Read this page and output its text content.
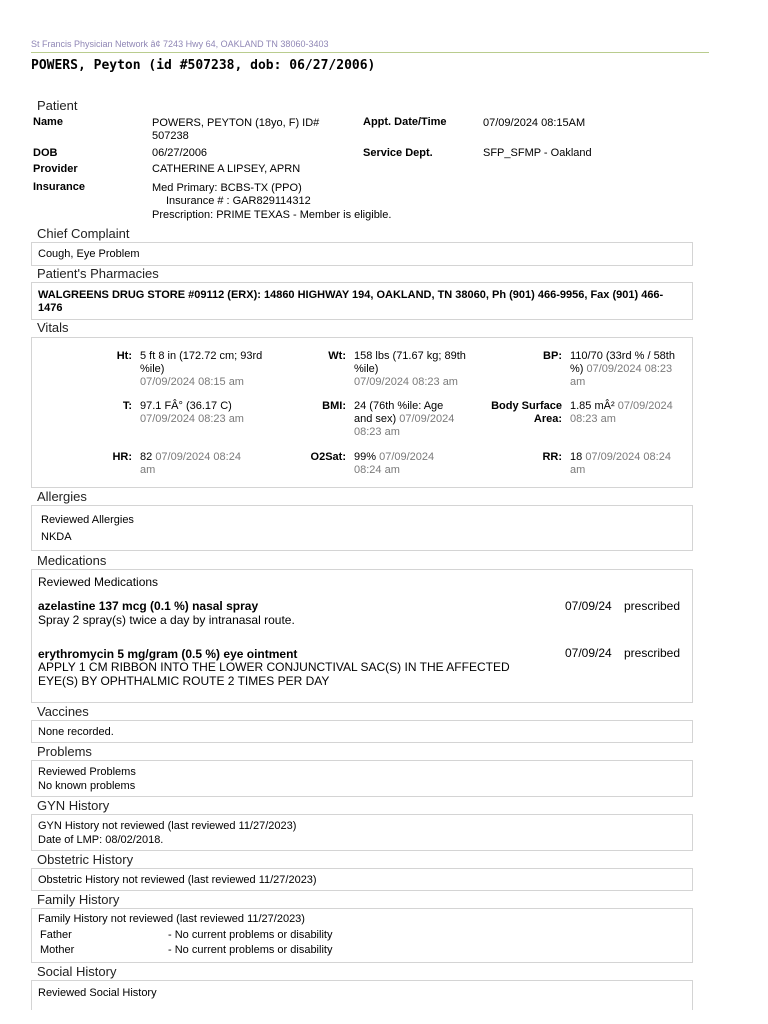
St Francis Physician Network â¢ 7243 Hwy 64, OAKLAND TN 38060-3403
POWERS, Peyton (id #507238, dob: 06/27/2006)
Patient
Name	POWERS, PEYTON (18yo, F) ID# 507238
Appt. Date/Time	07/09/2024 08:15AM
DOB	06/27/2006	Service Dept.	SFP_SFMP - Oakland
Provider	CATHERINE A LIPSEY, APRN
Insurance	Med Primary: BCBS-TX (PPO)
Insurance # : GAR829114312
Prescription: PRIME TEXAS - Member is eligible.
Chief Complaint
Cough, Eye Problem
Patient's Pharmacies
WALGREENS DRUG STORE #09112 (ERX): 14860 HIGHWAY 194, OAKLAND, TN 38060, Ph (901) 466-9956, Fax (901) 466-1476
Vitals
Ht: 5 ft 8 in (172.72 cm; 93rd %ile)
07/09/2024 08:15 am
Wt: 158 lbs (71.67 kg; 89th %ile)
07/09/2024 08:23 am
BP: 110/70 (33rd % / 58th %) 07/09/2024 08:23 am
T: 97.1 FÂ° (36.17 C)
07/09/2024 08:23 am
BMI: 24 (76th %ile: Age and sex) 07/09/2024 08:23 am
Body Surface Area:
1.85 mÂ² 07/09/2024 08:23 am
HR: 82 07/09/2024 08:24 am
O2Sat: 99% 07/09/2024 08:24 am
RR: 18 07/09/2024 08:24 am
Allergies
Reviewed Allergies
NKDA
Medications
Reviewed Medications
azelastine 137 mcg (0.1 %) nasal spray
Spray 2 spray(s) twice a day by intranasal route.
07/09/24 prescribed
erythromycin 5 mg/gram (0.5 %) eye ointment
APPLY 1 CM RIBBON INTO THE LOWER CONJUNCTIVAL SAC(S) IN THE AFFECTED EYE(S) BY OPHTHALMIC ROUTE 2 TIMES PER DAY
07/09/24 prescribed
Vaccines
None recorded.
Problems
Reviewed Problems
No known problems
GYN History
GYN History not reviewed (last reviewed 11/27/2023)
Date of LMP: 08/02/2018.
Obstetric History
Obstetric History not reviewed (last reviewed 11/27/2023)
Family History
Family History not reviewed (last reviewed 11/27/2023)
Father	- No current problems or disability
Mother	- No current problems or disability
Social History
Reviewed Social History
